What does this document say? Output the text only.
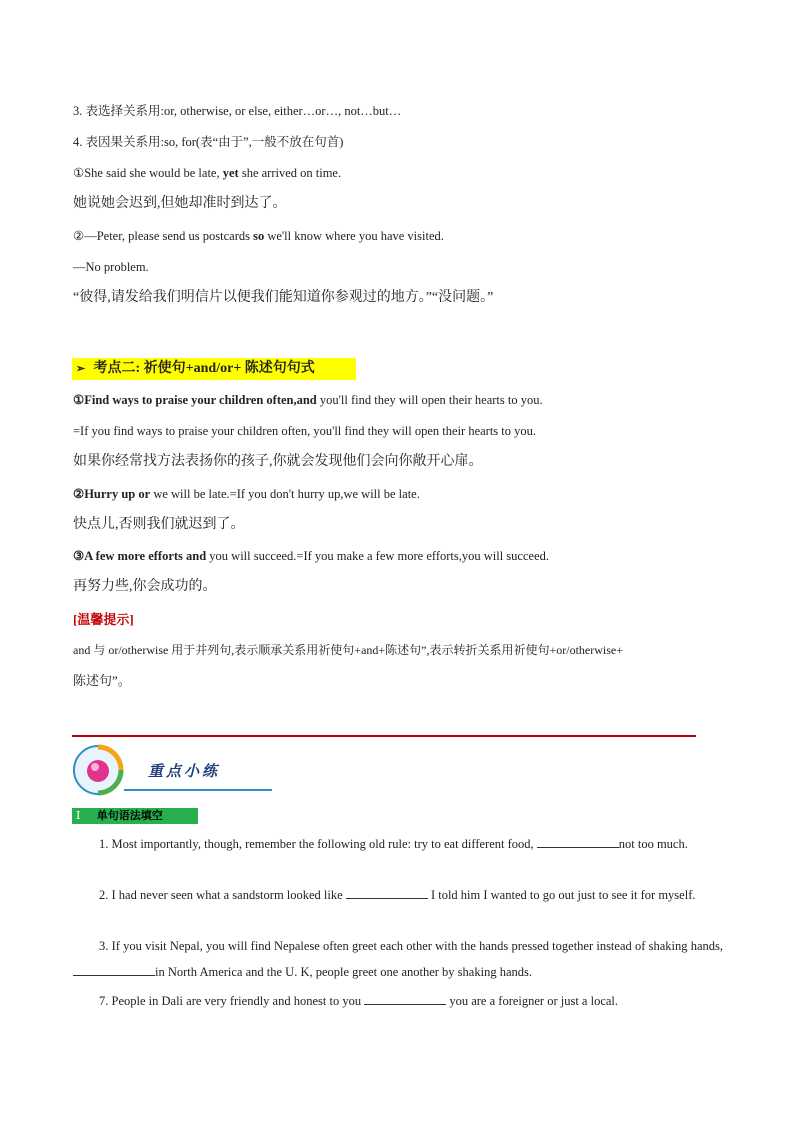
3. 表选择关系用:or, otherwise, or else, either…or…, not…but…
4. 表因果关系用:so, for(表“由于”,一般不放在句首)
①She said she would be late, yet she arrived on time.
她说她会迟到,但她却准时到达了。
②—Peter, please send us postcards so we'll know where you have visited.
—No problem.
“彼得,请发给我们明信片以便我们能知道你参观过的地方。”“没问题。”
➢ 考点二: 祈使句+and/or+ 陈述句句式
①Find ways to praise your children often,and you'll find they will open their hearts to you.
=If you find ways to praise your children often, you'll find they will open their hearts to you.
如果你经常找方法表扬你的孩子,你就会发现他们会向你敞开心扉。
②Hurry up or we will be late.=If you don't hurry up,we will be late.
快点儿,否则我们就迟到了。
③A few more efforts and you will succeed.=If you make a few more efforts,you will succeed.
再努力些,你会成功的。
[温馨提示]
and 与 or/otherwise 用于并列句,表示顺承关系用祈使句+and+陈述句”,表示转折关系用祈使句+or/otherwise+
陈述句”。
重点小练
Ⅰ 单句语法填空
1. Most importantly, though, remember the following old rule: try to eat different food,	not too much.
2. I had never seen what a sandstorm looked like	I told him I wanted to go out just to see it for myself.
3. If you visit Nepal, you will find Nepalese often greet each other with the hands pressed together instead of shaking hands, in North America and the U. K, people greet one another by shaking hands.
7. People in Dali are very friendly and honest to you	you are a foreigner or just a local.
